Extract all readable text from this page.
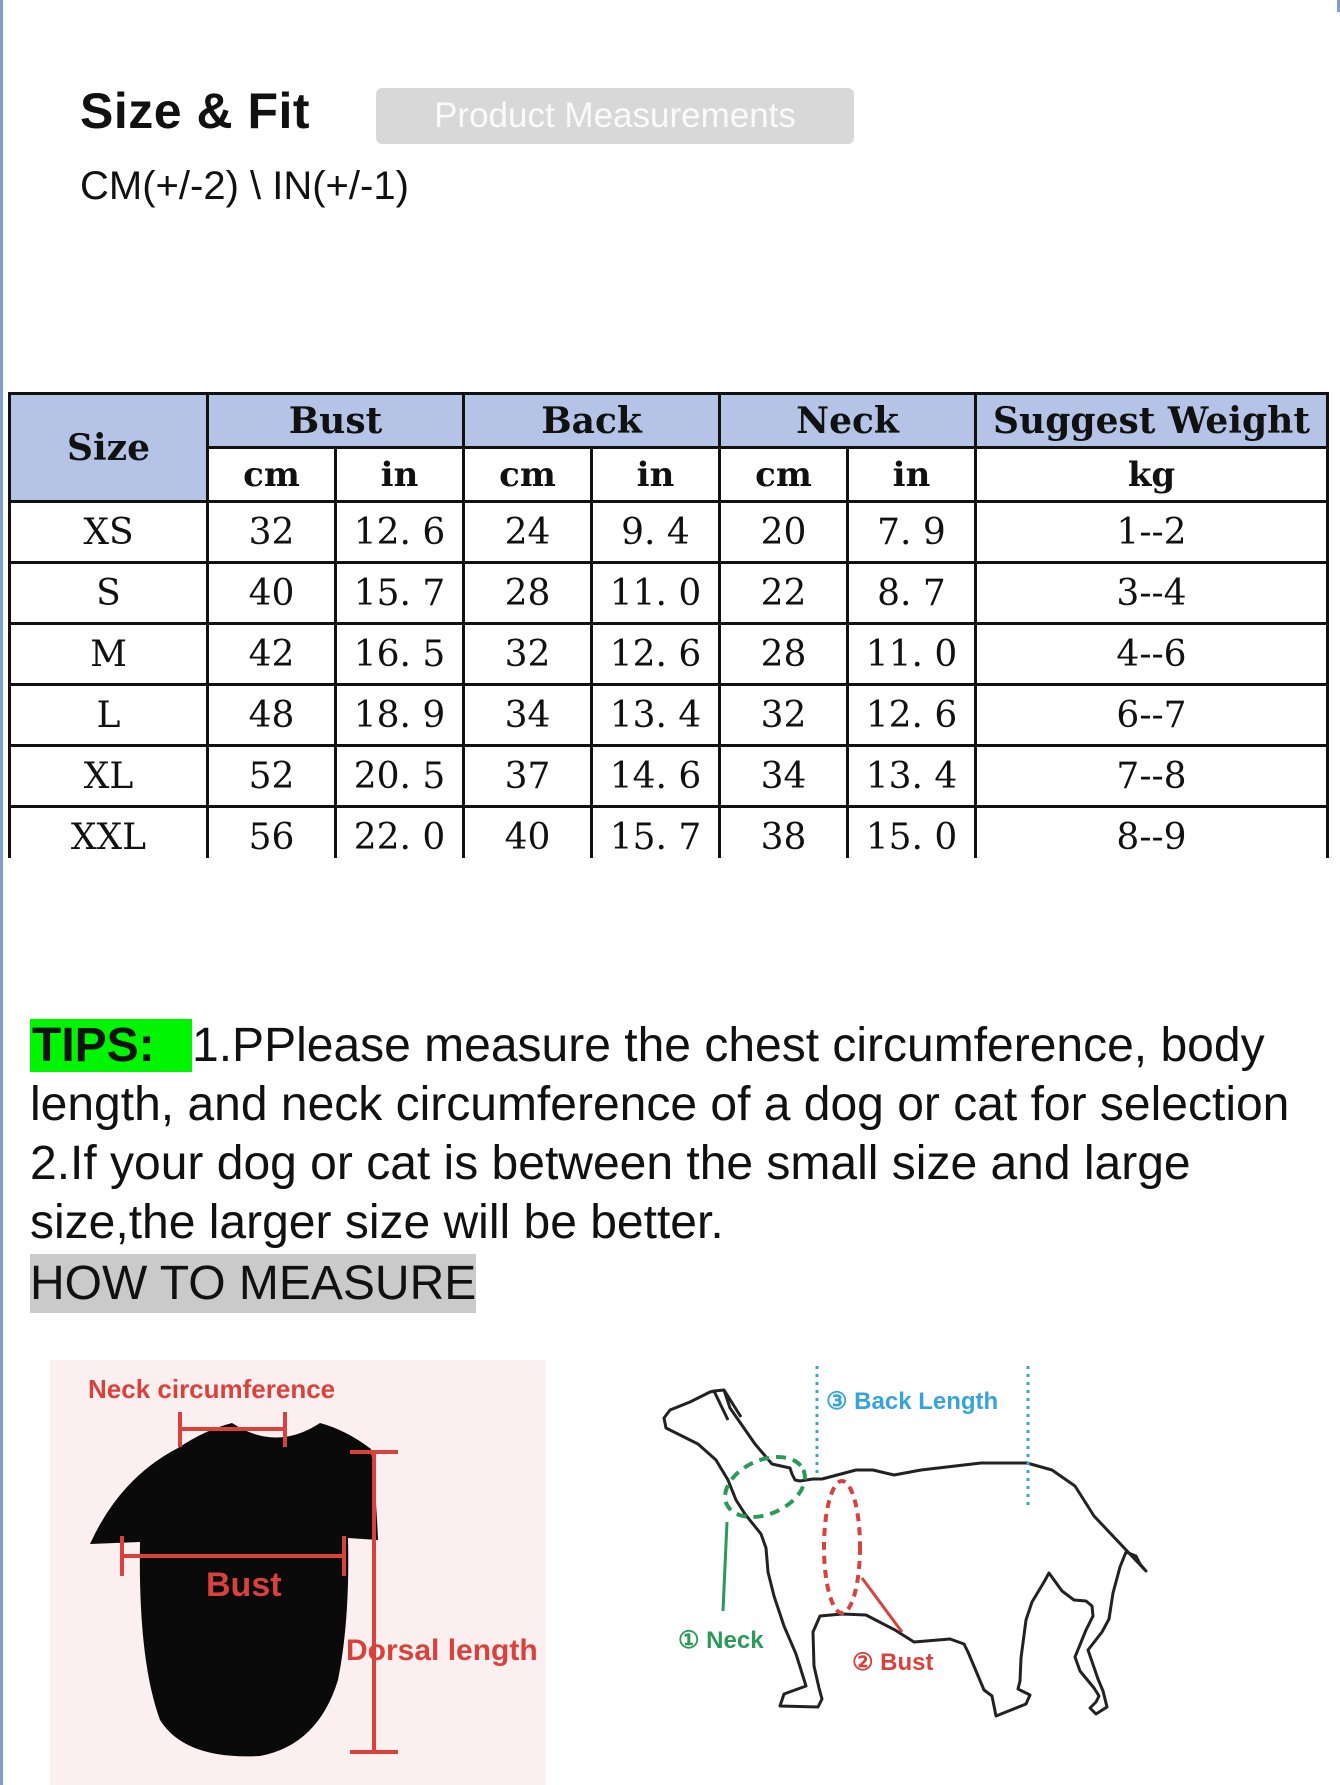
Size & Fit	Product Measurements
CM(+/-2) \ IN(+/-1)
Size	Bust		Back		Neck		Suggest Weight
	cm	in	cm	in	cm	in	kg
XS	32	12. 6	24	9. 4	20	7. 9	1--2
S	40	15. 7	28	11. 0	22	8. 7	3--4
M	42	16. 5	32	12. 6	28	11. 0	4--6
L	48	18. 9	34	13. 4	32	12. 6	6--7
XL	52	20. 5	37	14. 6	34	13. 4	7--8
XXL	56	22. 0	40	15. 7	38	15. 0	8--9
TIPS: 1.PPlease measure the chest circumference, body length, and neck circumference of a dog or cat for selection
2.If your dog or cat is between the small size and large size,the larger size will be better.
HOW TO MEASURE
Neck circumference
Bust
Dorsal length
③ Back Length
① Neck
② Bust
